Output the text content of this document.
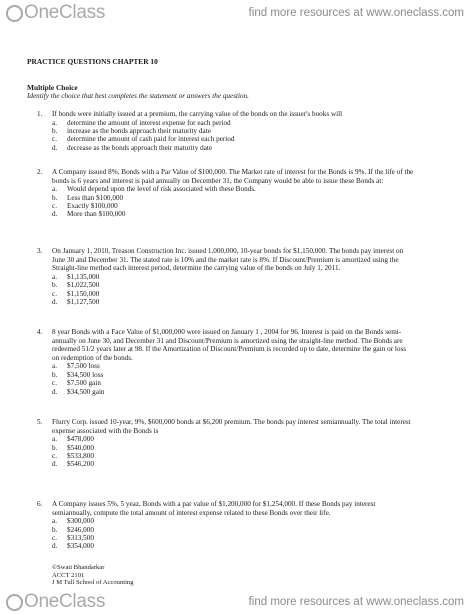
OneClass	find more resources at www.oneclass.com
PRACTICE QUESTIONS CHAPTER 10
Multiple Choice
Identify the choice that best completes the statement or answers the question.
1. If bonds were initially issued at a premium, the carrying value of the bonds on the issuer's books will
a. determine the amount of interest expense for each period
b. increase as the bonds approach their maturity date
c. determine the amount of cash paid for interest each period
d. decrease as the bonds approach their maturity date
2. A Company issued 8%, Bonds with a Par Value of $100,000. The Market rate of interest for the Bonds is 9%. If the life of the
bonds is 6 years and interest is paid annually on December 31, the Company would be able to issue these Bonds at:
a. Would depend upon the level of risk associated with these Bonds.
b. Less than $100,000
c. Exactly $100,000
d. More than $100,000
3. On January 1, 2010, Treason Construction Inc. issued 1,000,000, 10-year bonds for $1,150,000. The bonds pay interest on
June 30 and December 31. The stated rate is 10% and the market rate is 8%. If Discount/Premium is amortized using the
Straight-line method each interest period, determine the carrying value of the bonds on July 1, 2011.
a. $1,135,000
b. $1,022,500
c. $1,150,000
d. $1,127,500
4. 8 year Bonds with a Face Value of $1,000,000 were issued on January 1 , 2004 for 96. Interest is paid on the Bonds semi-
annually on June 30, and December 31 and Discount/Premium is amortized using the straight-line method. The Bonds are
redeemed 51/2 years later at 98. If the Amortization of Discount/Premium is recorded up to date, determine the gain or loss
on redemption of the bonds.
a. $7,500 loss
b. $34,500 loss
c. $7,500 gain
d. $34,500 gain
5. Flurry Corp. issued 10-year, 9%, $600,000 bonds at $6,200 premium. The bonds pay interest semiannually. The total interest
expense associated with the Bonds is
a. $478,000
b. $540,000
c. $533,800
d. $546,200
6. A Company issues 5%, 5 yeaz, Bonds with a par value of $1,200,000 for $1,254,000. If these Bonds pay interest
semiannually, compute the total amount of interest expense related to these Bonds over their life.
a. $300,000
b. $246,000
c. $313,500
d. $354,000
©Swati Bhandarkar
ACCT 2101
J M Tull School of Accounting
OneClass	find more resources at www.oneclass.com
